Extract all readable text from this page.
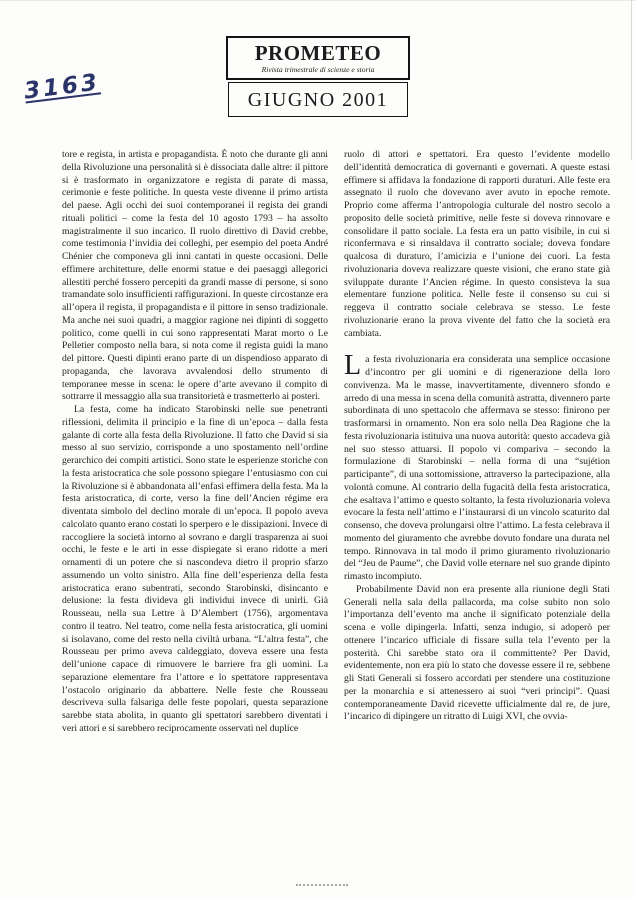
3163
PROMETEO
Rivista trimestrale di scienze e storia
GIUGNO 2001

tore e regista, in artista e propagandista. È noto che durante gli anni della Rivoluzione una personalità si è dissociata dalle altre: il pittore si è trasformato in organizzatore e regista di parate di massa, cerimonie e feste politiche. In questa veste divenne il primo artista del paese. Agli occhi dei suoi contemporanei il regista dei grandi rituali politici – come la festa del 10 agosto 1793 – ha assolto magistralmente il suo incarico. Il ruolo direttivo di David crebbe, come testimonia l’invidia dei colleghi, per esempio del poeta André Chénier che componeva gli inni cantati in queste occasioni. Delle effimere architetture, delle enormi statue e dei paesaggi allegorici allestiti perché fossero percepiti da grandi masse di persone, si sono tramandate solo insufficienti raffigurazioni. In queste circostanze era all’opera il regista, il propagandista e il pittore in senso tradizionale. Ma anche nei suoi quadri, a maggior ragione nei dipinti di soggetto politico, come quelli in cui sono rappresentati Marat morto o Le Pelletier composto nella bara, si nota come il regista guidi la mano del pittore. Questi dipinti erano parte di un dispendioso apparato di propaganda, che lavorava avvalendosi dello strumento di temporanee messe in scena: le opere d’arte avevano il compito di sottrarre il messaggio alla sua transitorietà e trasmetterlo ai posteri.

La festa, come ha indicato Starobinski nelle sue penetranti riflessioni, delimita il principio e la fine di un’epoca – dalla festa galante di corte alla festa della Rivoluzione. Il fatto che David si sia messo al suo servizio, corrisponde a uno spostamento nell’ordine gerarchico dei compiti artistici. Sono state le esperienze storiche con la festa aristocratica che sole possono spiegare l’entusiasmo con cui la Rivoluzione si è abbandonata all’enfasi effimera della festa. Ma la festa aristocratica, di corte, verso la fine dell’Ancien régime era diventata simbolo del declino morale di un’epoca. Il popolo aveva calcolato quanto erano costati lo sperpero e le dissipazioni. Invece di raccogliere la società intorno al sovrano e dargli trasparenza ai suoi occhi, le feste e le arti in esse dispiegate si erano ridotte a meri ornamenti di un potere che si nascondeva dietro il proprio sfarzo assumendo un volto sinistro. Alla fine dell’esperienza della festa aristocratica erano subentrati, secondo Starobinski, disincanto e delusione: la festa divideva gli individui invece di unirli. Già Rousseau, nella sua Lettre à D’Alembert (1756), argomentava contro il teatro. Nel teatro, come nella festa aristocratica, gli uomini si isolavano, come del resto nella civiltà urbana. “L’altra festa”, che Rousseau per primo aveva caldeggiato, doveva essere una festa dell’unione capace di rimuovere le barriere fra gli uomini. La separazione elementare fra l’attore e lo spettatore rappresentava l’ostacolo originario da abbattere. Nelle feste che Rousseau descriveva sulla falsariga delle feste popolari, questa separazione sarebbe stata abolita, in quanto gli spettatori sarebbero diventati i veri attori e si sarebbero reciprocamente osservati nel duplice

ruolo di attori e spettatori. Era questo l’evidente modello dell’identità democratica di governanti e governati. A queste estasi effimere si affidava la fondazione di rapporti duraturi. Alle feste era assegnato il ruolo che dovevano aver avuto in epoche remote. Proprio come afferma l’antropologia culturale del nostro secolo a proposito delle società primitive, nelle feste si doveva rinnovare e consolidare il patto sociale. La festa era un patto visibile, in cui si riconfermava e si rinsaldava il contratto sociale; doveva fondare qualcosa di duraturo, l’amicizia e l’unione dei cuori. La festa rivoluzionaria doveva realizzare queste visioni, che erano state già sviluppate durante l’Ancien régime. In questo consisteva la sua elementare funzione politica. Nelle feste il consenso su cui si reggeva il contratto sociale celebrava se stesso. Le feste rivoluzionarie erano la prova vivente del fatto che la società era cambiata.

La festa rivoluzionaria era considerata una semplice occasione d’incontro per gli uomini e di rigenerazione della loro convivenza. Ma le masse, inavvertitamente, divennero sfondo e arredo di una messa in scena della comunità astratta, divennero parte subordinata di uno spettacolo che affermava se stesso: finirono per trasformarsi in ornamento. Non era solo nella Dea Ragione che la festa rivoluzionaria istituiva una nuova autorità: questo accadeva già nel suo stesso attuarsi. Il popolo vi compariva – secondo la formulazione di Starobinski – nella forma di una “sujétion participante”, di una sottomissione, attraverso la partecipazione, alla volontà comune. Al contrario della fugacità della festa aristocratica, che esaltava l’attimo e questo soltanto, la festa rivoluzionaria voleva evocare la festa nell’attimo e l’instaurarsi di un vincolo scaturito dal consenso, che doveva prolungarsi oltre l’attimo. La festa celebrava il momento del giuramento che avrebbe dovuto fondare una durata nel tempo. Rinnovava in tal modo il primo giuramento rivoluzionario del “Jeu de Paume”, che David volle eternare nel suo grande dipinto rimasto incompiuto.

Probabilmente David non era presente alla riunione degli Stati Generali nella sala della pallacorda, ma colse subito non solo l’importanza dell’evento ma anche il significato potenziale della scena e volle dipingerla. Infatti, senza indugio, si adoperò per ottenere l’incarico ufficiale di fissare sulla tela l’evento per la posterità. Chi sarebbe stato ora il committente? Per David, evidentemente, non era più lo stato che dovesse essere il re, sebbene gli Stati Generali si fossero accordati per stendere una costituzione per la monarchia e si attenessero ai suoi “veri principi”. Quasi contemporaneamente David ricevette ufficialmente dal re, de jure, l’incarico di dipingere un ritratto di Luigi XVI, che ovvia-
